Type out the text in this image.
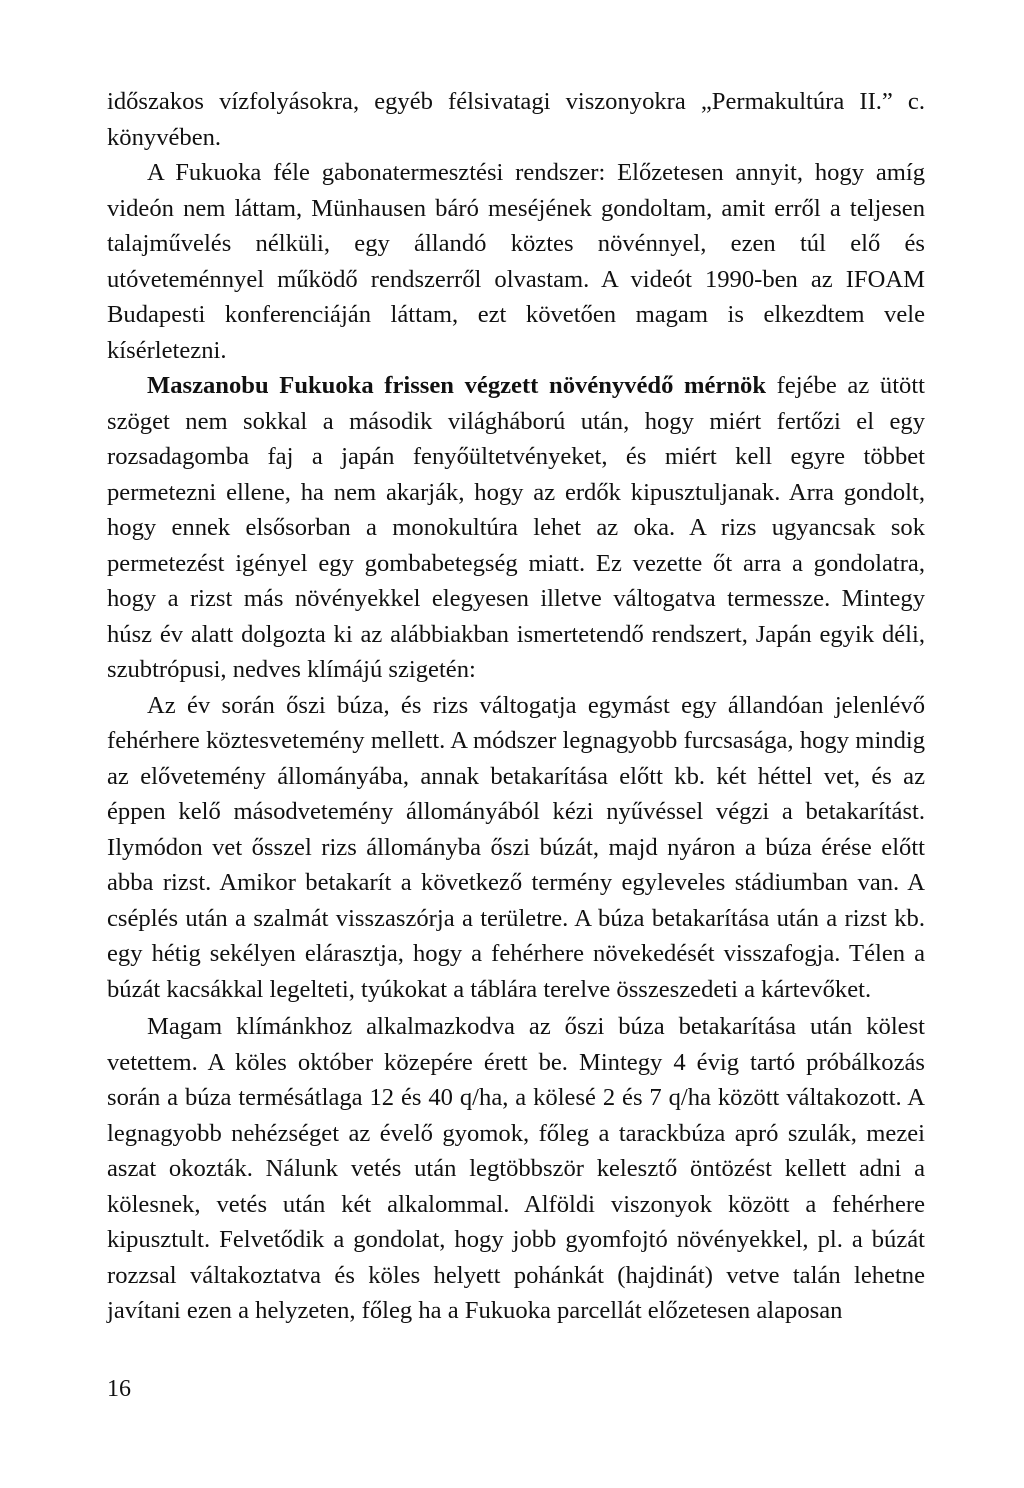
időszakos vízfolyásokra, egyéb félsivatagi viszonyokra „Permakultúra II.” c. könyvében.

A Fukuoka féle gabonatermesztési rendszer: Előzetesen annyit, hogy amíg videón nem láttam, Münhausen báró meséjének gondoltam, amit erről a teljesen talajművelés nélküli, egy állandó köztes növénnyel, ezen túl elő és utóveteménnyel működő rendszerről olvastam. A videót 1990-ben az IFOAM Budapesti konferenciáján láttam, ezt követően magam is elkezdtem vele kísérletezni.

Maszanobu Fukuoka frissen végzett növényvédő mérnök fejébe az ütött szöget nem sokkal a második világháború után, hogy miért fertőzi el egy rozsadagomba faj a japán fenyőültetvényeket, és miért kell egyre többet permetezni ellene, ha nem akarják, hogy az erdők kipusztuljanak. Arra gondolt, hogy ennek elsősorban a monokultúra lehet az oka. A rizs ugyancsak sok permetezést igényel egy gombabetegség miatt. Ez vezette őt arra a gondolatra, hogy a rizst más növényekkel elegyesen illetve váltogatva termessze. Mintegy húsz év alatt dolgozta ki az alábbiakban ismertetendő rendszert, Japán egyik déli, szubtrópusi, nedves klímájú szigetén:

Az év során őszi búza, és rizs váltogatja egymást egy állandóan jelenlévő fehérhere köztesvetemény mellett. A módszer legnagyobb furcsasága, hogy mindig az elővetemény állományába, annak betakarítása előtt kb. két héttel vet, és az éppen kelő másodvetemény állományából kézi nyűvéssel végzi a betakarítást. Ilymódon vet ősszel rizs állományba őszi búzát, majd nyáron a búza érése előtt abba rizst. Amikor betakarít a következő termény egyleveles stádiumban van. A cséplés után a szalmát visszaszórja a területre. A búza betakarítása után a rizst kb. egy hétig sekélyen elárasztja, hogy a fehérhere növekedését visszafogja. Télen a búzát kacsákkal legelteti, tyúkokat a táblára terelve összeszedeti a kártevőket.

Magam klímánkhoz alkalmazkodva az őszi búza betakarítása után kölest vetettem. A köles október közepére érett be. Mintegy 4 évig tartó próbálkozás során a búza termésátlaga 12 és 40 q/ha, a kölesé 2 és 7 q/ha között váltakozott. A legnagyobb nehézséget az évelő gyomok, főleg a tarackbúza apró szulák, mezei aszat okozták. Nálunk vetés után legtöbbször kelesztő öntözést kellett adni a kölesnek, vetés után két alkalommal. Alföldi viszonyok között a fehérhere kipusztult. Felvetődik a gondolat, hogy jobb gyomfojtó növényekkel, pl. a búzát rozzsal váltakoztatva és köles helyett pohánkát (hajdinát) vetve talán lehetne javítani ezen a helyzeten, főleg ha a Fukuoka parcellát előzetesen alaposan

16
